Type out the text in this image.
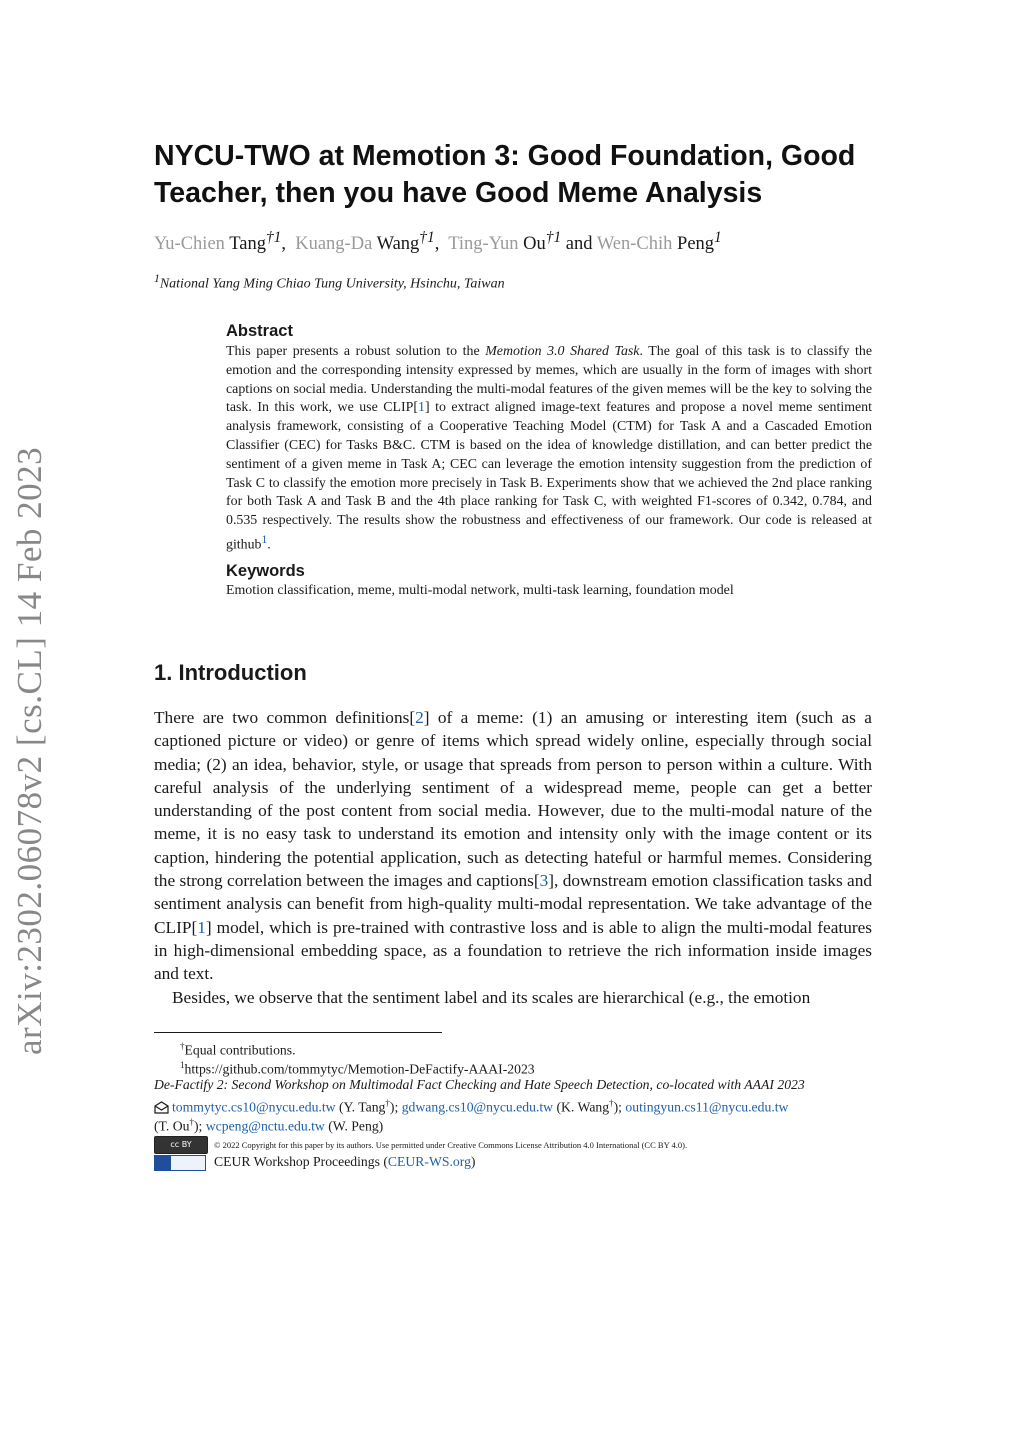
arXiv:2302.06078v2 [cs.CL] 14 Feb 2023
NYCU-TWO at Memotion 3: Good Foundation, Good Teacher, then you have Good Meme Analysis
Yu-Chien Tang$^{\dagger 1}$,  Kuang-Da Wang$^{\dagger 1}$,  Ting-Yun Ou$^{\dagger 1}$ and Wen-Chih Peng$^1$
$^1$National Yang Ming Chiao Tung University, Hsinchu, Taiwan
Abstract

This paper presents a robust solution to the Memotion 3.0 Shared Task. The goal of this task is to classify the emotion and the corresponding intensity expressed by memes, which are usually in the form of images with short captions on social media. Understanding the multi-modal features of the given memes will be the key to solving the task. In this work, we use CLIP[1] to extract aligned image-text features and propose a novel meme sentiment analysis framework, consisting of a Cooperative Teaching Model (CTM) for Task A and a Cascaded Emotion Classifier (CEC) for Tasks B&C. CTM is based on the idea of knowledge distillation, and can better predict the sentiment of a given meme in Task A; CEC can leverage the emotion intensity suggestion from the prediction of Task C to classify the emotion more precisely in Task B. Experiments show that we achieved the 2nd place ranking for both Task A and Task B and the 4th place ranking for Task C, with weighted F1-scores of 0.342, 0.784, and 0.535 respectively. The results show the robustness and effectiveness of our framework. Our code is released at github$^1$.

Keywords

Emotion classification, meme, multi-modal network, multi-task learning, foundation model

1. Introduction

There are two common definitions[2] of a meme: (1) an amusing or interesting item (such as a captioned picture or video) or genre of items which spread widely online, especially through social media; (2) an idea, behavior, style, or usage that spreads from person to person within a culture. With careful analysis of the underlying sentiment of a widespread meme, people can get a better understanding of the post content from social media. However, due to the multi-modal nature of the meme, it is no easy task to understand its emotion and intensity only with the image content or its caption, hindering the potential application, such as detecting hateful or harmful memes. Considering the strong correlation between the images and captions[3], downstream emotion classification tasks and sentiment analysis can benefit from high-quality multi-modal representation. We take advantage of the CLIP[1] model, which is pre-trained with contrastive loss and is able to align the multi-modal features in high-dimensional embedding space, as a foundation to retrieve the rich information inside images and text.

Besides, we observe that the sentiment label and its scales are hierarchical (e.g., the emotion

†Equal contributions.
$^1$https://github.com/tommytyc/Memotion-DeFactify-AAAI-2023
De-Factify 2: Second Workshop on Multimodal Fact Checking and Hate Speech Detection, co-located with AAAI 2023
tommytyc.cs10@nycu.edu.tw (Y. Tang†); gdwang.cs10@nycu.edu.tw (K. Wang†); outingyun.cs11@nycu.edu.tw
(T. Ou†); wcpeng@nctu.edu.tw (W. Peng)
cc BY	© 2022 Copyright for this paper by its authors. Use permitted under Creative Commons License Attribution 4.0 International (CC BY 4.0).
CEUR Workshop Proceedings (CEUR-WS.org)
